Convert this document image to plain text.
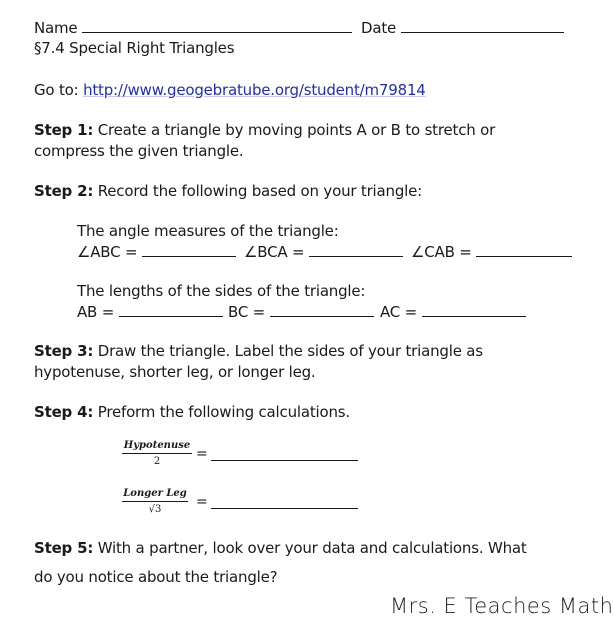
Name	Date
§7.4 Special Right Triangles
Go to: http://www.geogebratube.org/student/m79814
Step 1: Create a triangle by moving points A or B to stretch or
compress the given triangle.
Step 2: Record the following based on your triangle:
The angle measures of the triangle:
∠ABC =	∠BCA =	∠CAB =
The lengths of the sides of the triangle:
AB =	BC =	AC =
Step 3: Draw the triangle. Label the sides of your triangle as
hypotenuse, shorter leg, or longer leg.
Step 4: Preform the following calculations.
Hypotenuse
2	=
Longer Leg
√3	=
Step 5: With a partner, look over your data and calculations. What
do you notice about the triangle?
Mrs. E Teaches Math
